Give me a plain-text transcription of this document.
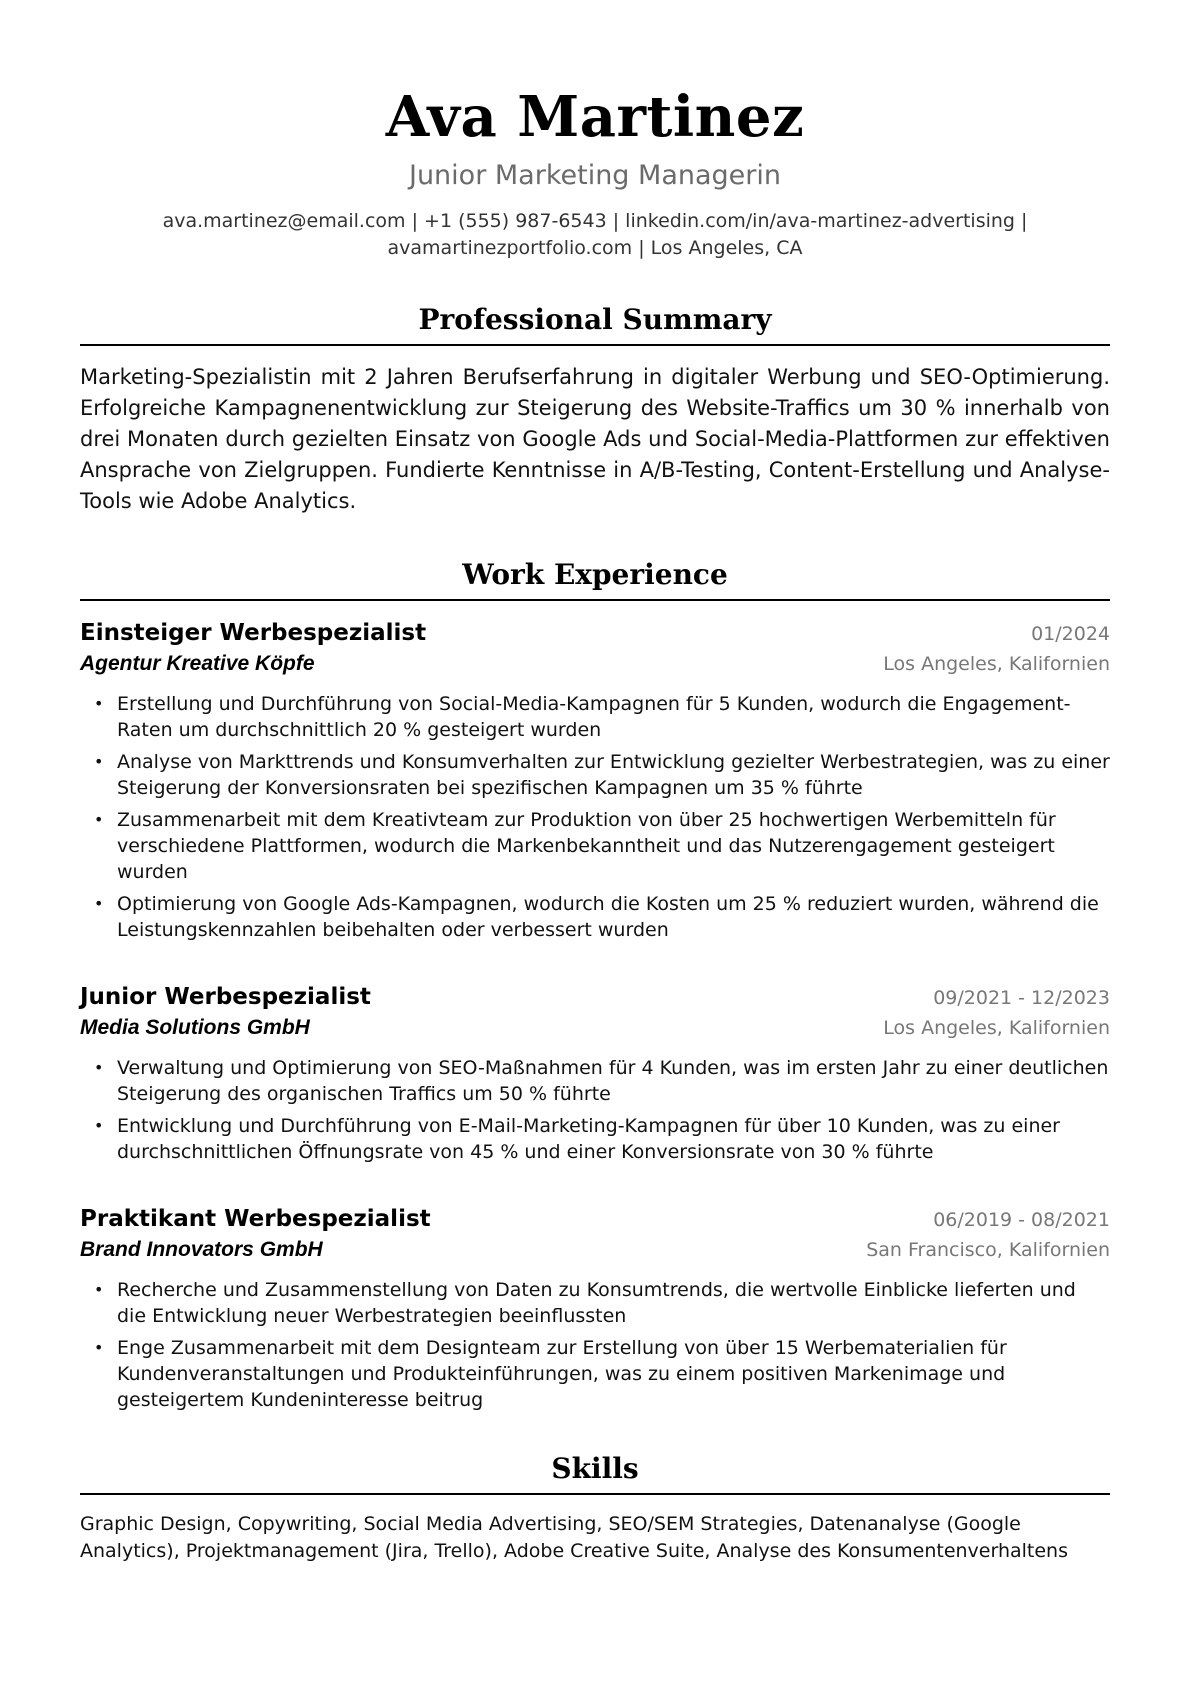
Ava Martinez
Junior Marketing Managerin
ava.martinez@email.com | +1 (555) 987-6543 | linkedin.com/in/ava-martinez-advertising |
avamartinezportfolio.com | Los Angeles, CA
Professional Summary

Marketing-Spezialistin mit 2 Jahren Berufserfahrung in digitaler Werbung und SEO-Optimierung. Erfolgreiche Kampagnenentwicklung zur Steigerung des Website-Traffics um 30 % innerhalb von drei Monaten durch gezielten Einsatz von Google Ads und Social-Media-Plattformen zur effektiven Ansprache von Zielgruppen. Fundierte Kenntnisse in A/B-Testing, Content-Erstellung und Analyse-Tools wie Adobe Analytics.

Work Experience
Einsteiger Werbespezialist	01/2024
Agentur Kreative Köpfe	Los Angeles, Kalifornien
• Erstellung und Durchführung von Social-Media-Kampagnen für 5 Kunden, wodurch die Engagement-Raten um durchschnittlich 20 % gesteigert wurden
• Analyse von Markttrends und Konsumverhalten zur Entwicklung gezielter Werbestrategien, was zu einer Steigerung der Konversionsraten bei spezifischen Kampagnen um 35 % führte
• Zusammenarbeit mit dem Kreativteam zur Produktion von über 25 hochwertigen Werbemitteln für verschiedene Plattformen, wodurch die Markenbekanntheit und das Nutzerengagement gesteigert wurden
• Optimierung von Google Ads-Kampagnen, wodurch die Kosten um 25 % reduziert wurden, während die Leistungskennzahlen beibehalten oder verbessert wurden
Junior Werbespezialist	09/2021 - 12/2023
Media Solutions GmbH	Los Angeles, Kalifornien
• Verwaltung und Optimierung von SEO-Maßnahmen für 4 Kunden, was im ersten Jahr zu einer deutlichen Steigerung des organischen Traffics um 50 % führte
• Entwicklung und Durchführung von E-Mail-Marketing-Kampagnen für über 10 Kunden, was zu einer durchschnittlichen Öffnungsrate von 45 % und einer Konversionsrate von 30 % führte
Praktikant Werbespezialist	06/2019 - 08/2021
Brand Innovators GmbH	San Francisco, Kalifornien
• Recherche und Zusammenstellung von Daten zu Konsumtrends, die wertvolle Einblicke lieferten und die Entwicklung neuer Werbestrategien beeinflussten
• Enge Zusammenarbeit mit dem Designteam zur Erstellung von über 15 Werbematerialien für Kundenveranstaltungen und Produkteinführungen, was zu einem positiven Markenimage und gesteigertem Kundeninteresse beitrug
Skills

Graphic Design, Copywriting, Social Media Advertising, SEO/SEM Strategies, Datenanalyse (Google Analytics), Projektmanagement (Jira, Trello), Adobe Creative Suite, Analyse des Konsumentenverhaltens
